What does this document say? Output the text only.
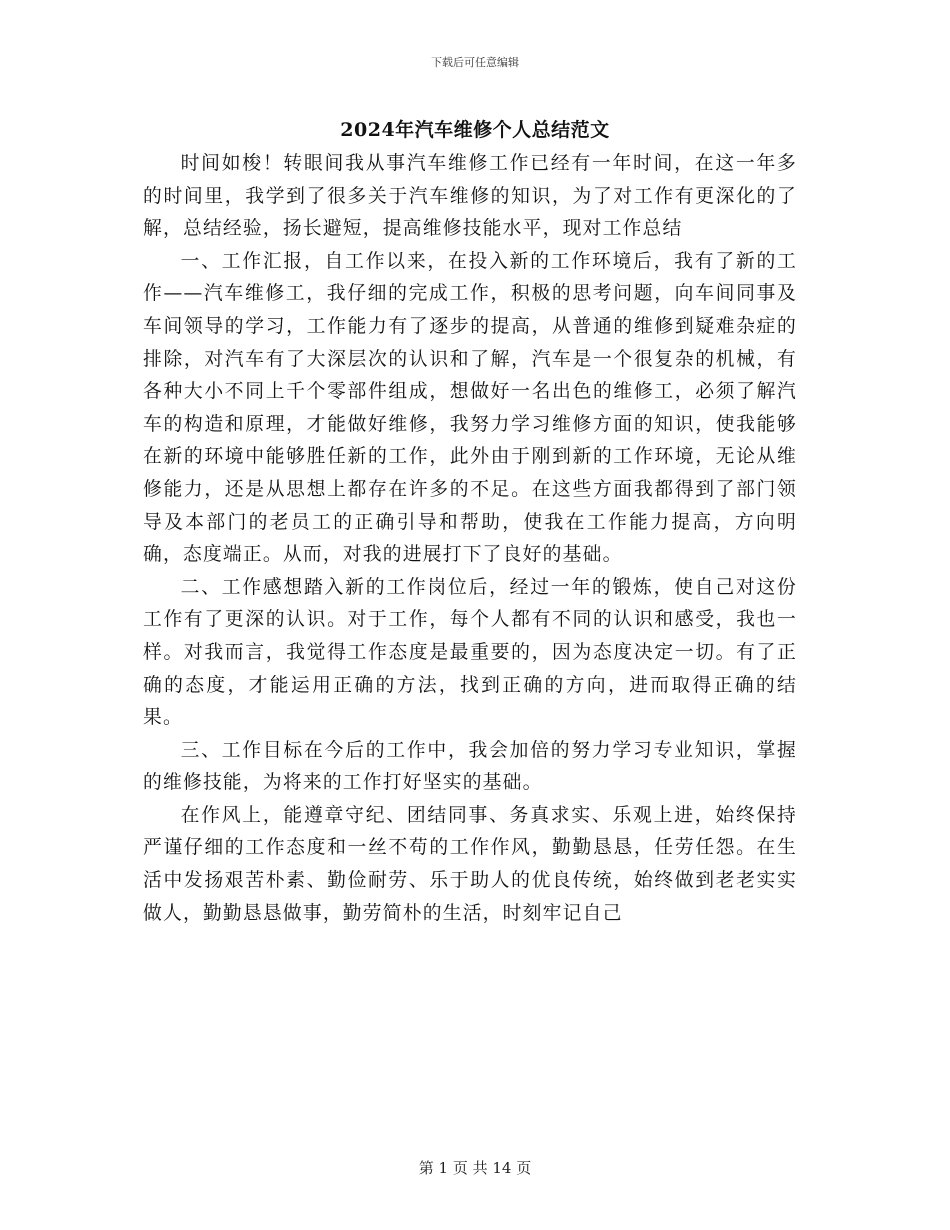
下载后可任意编辑
2024年汽车维修个人总结范文

时间如梭！转眼间我从事汽车维修工作已经有一年时间，在这一年多的时间里，我学到了很多关于汽车维修的知识，为了对工作有更深化的了解，总结经验，扬长避短，提高维修技能水平，现对工作总结

一、工作汇报，自工作以来，在投入新的工作环境后，我有了新的工作——汽车维修工，我仔细的完成工作，积极的思考问题，向车间同事及车间领导的学习，工作能力有了逐步的提高，从普通的维修到疑难杂症的排除，对汽车有了大深层次的认识和了解，汽车是一个很复杂的机械，有各种大小不同上千个零部件组成，想做好一名出色的维修工，必须了解汽车的构造和原理，才能做好维修，我努力学习维修方面的知识，使我能够在新的环境中能够胜任新的工作，此外由于刚到新的工作环境，无论从维修能力，还是从思想上都存在许多的不足。在这些方面我都得到了部门领导及本部门的老员工的正确引导和帮助，使我在工作能力提高，方向明确，态度端正。从而，对我的进展打下了良好的基础。

二、工作感想踏入新的工作岗位后，经过一年的锻炼，使自己对这份工作有了更深的认识。对于工作，每个人都有不同的认识和感受，我也一样。对我而言，我觉得工作态度是最重要的，因为态度决定一切。有了正确的态度，才能运用正确的方法，找到正确的方向，进而取得正确的结果。

三、工作目标在今后的工作中，我会加倍的努力学习专业知识，掌握的维修技能，为将来的工作打好坚实的基础。

在作风上，能遵章守纪、团结同事、务真求实、乐观上进，始终保持严谨仔细的工作态度和一丝不苟的工作作风，勤勤恳恳，任劳任怨。在生活中发扬艰苦朴素、勤俭耐劳、乐于助人的优良传统，始终做到老老实实做人，勤勤恳恳做事，勤劳简朴的生活，时刻牢记自己

第 1 页 共 14 页
